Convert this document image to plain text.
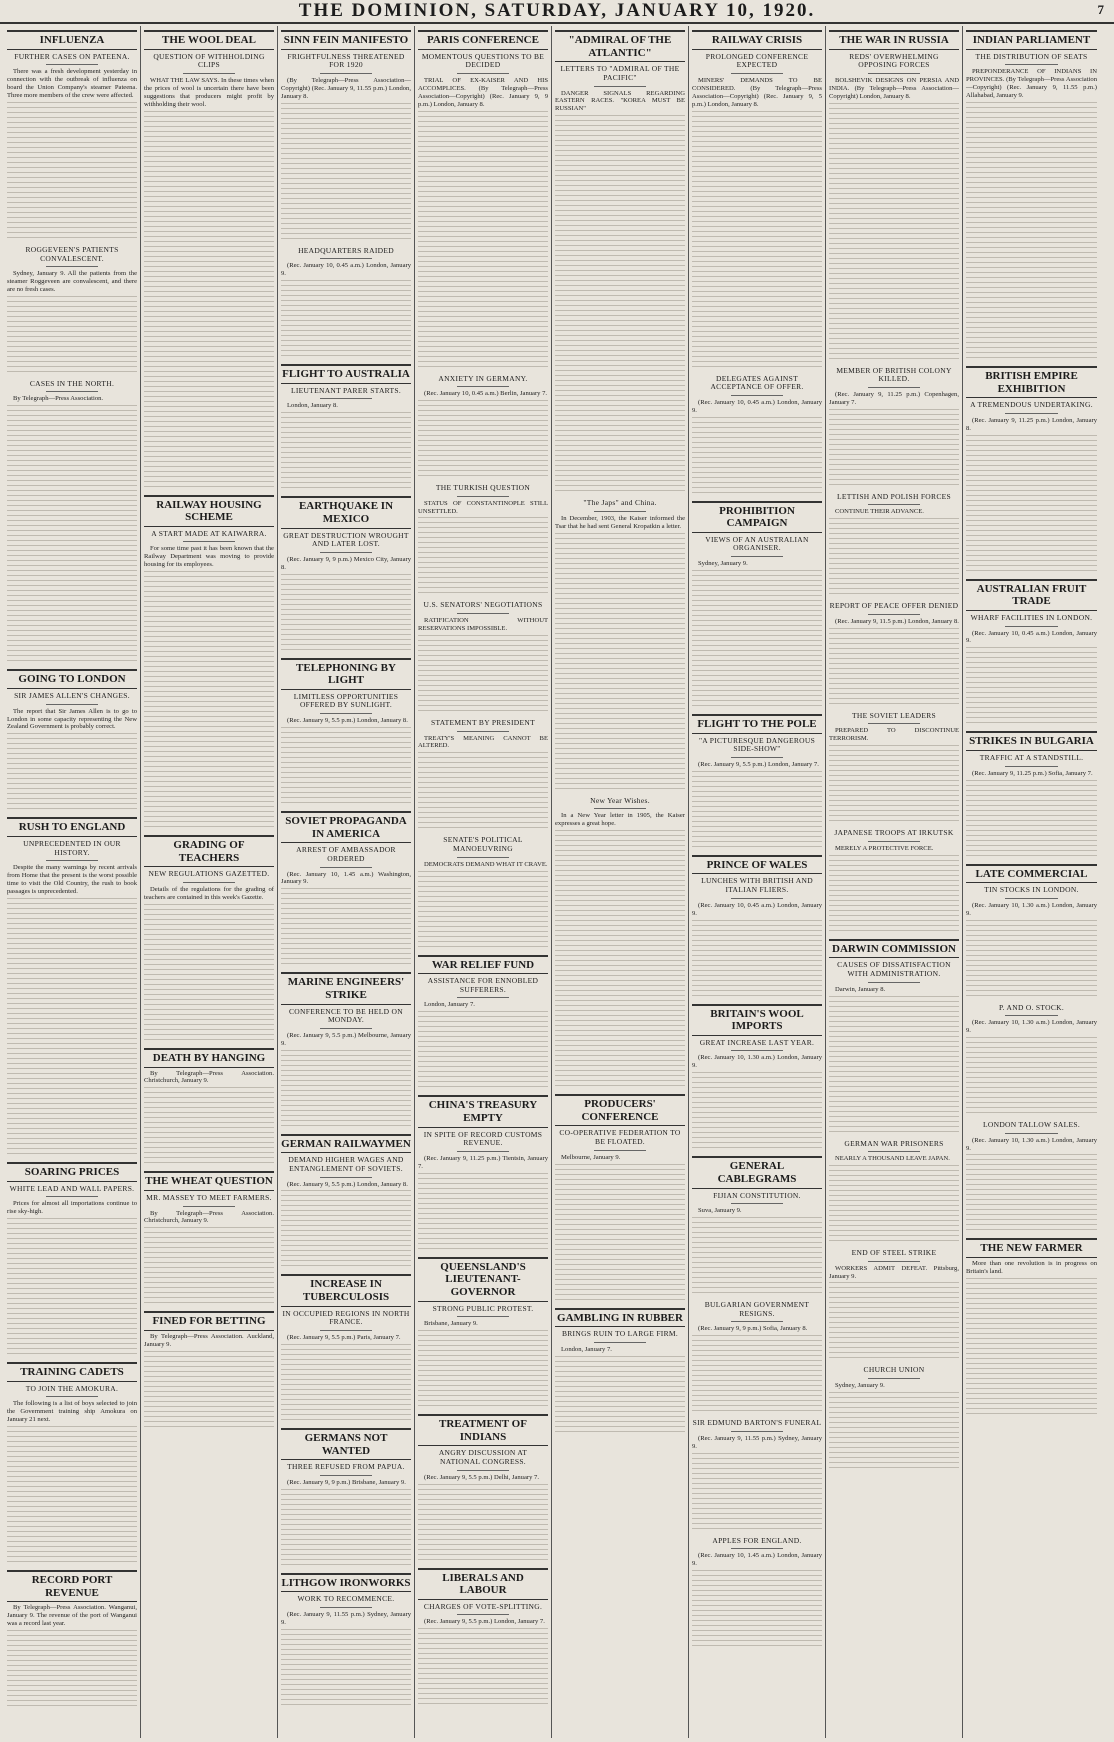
THE DOMINION, SATURDAY, JANUARY 10, 1920.	7
INFLUENZA
FURTHER CASES ON PATEENA.

There was a fresh development yesterday in connection with the outbreak of influenza on board the Union Company's steamer Pateena. Three more members of the crew were affected.

ROGGEVEEN'S PATIENTS CONVALESCENT.

Sydney, January 9. All the patients from the steamer Roggeveen are convalescent, and there are no fresh cases.

CASES IN THE NORTH.

By Telegraph—Press Association.

GOING TO LONDON
SIR JAMES ALLEN'S CHANGES.

The report that Sir James Allen is to go to London in some capacity representing the New Zealand Government is probably correct.

RUSH TO ENGLAND
UNPRECEDENTED IN OUR HISTORY.

Despite the many warnings by recent arrivals from Home that the present is the worst possible time to visit the Old Country, the rush to book passages is unprecedented.

SOARING PRICES
WHITE LEAD AND WALL PAPERS.

Prices for almost all importations continue to rise sky-high.

TRAINING CADETS
TO JOIN THE AMOKURA.

The following is a list of boys selected to join the Government training ship Amokura on January 21 next.

RECORD PORT REVENUE

By Telegraph—Press Association. Wanganui, January 9. The revenue of the port of Wanganui was a record last year.

THE WOOL DEAL
QUESTION OF WITHHOLDING CLIPS

WHAT THE LAW SAYS. In these times when the prices of wool is uncertain there have been suggestions that producers might profit by withholding their wool.

RAILWAY HOUSING SCHEME
A START MADE AT KAIWARRA.

For some time past it has been known that the Railway Department was moving to provide housing for its employees.

GRADING OF TEACHERS
NEW REGULATIONS GAZETTED.

Details of the regulations for the grading of teachers are contained in this week's Gazette.

DEATH BY HANGING

By Telegraph—Press Association. Christchurch, January 9.

THE WHEAT QUESTION
MR. MASSEY TO MEET FARMERS.

By Telegraph—Press Association. Christchurch, January 9.

FINED FOR BETTING

By Telegraph—Press Association. Auckland, January 9.

SINN FEIN MANIFESTO
FRIGHTFULNESS THREATENED FOR 1920

(By Telegraph—Press Association—Copyright) (Rec. January 9, 11.55 p.m.) London, January 8.

HEADQUARTERS RAIDED

(Rec. January 10, 0.45 a.m.) London, January 9.

FLIGHT TO AUSTRALIA
LIEUTENANT PARER STARTS.

London, January 8.

EARTHQUAKE IN MEXICO
GREAT DESTRUCTION WROUGHT AND LATER LOST.

(Rec. January 9, 9 p.m.) Mexico City, January 8.

TELEPHONING BY LIGHT
LIMITLESS OPPORTUNITIES OFFERED BY SUNLIGHT.

(Rec. January 9, 5.5 p.m.) London, January 8.

SOVIET PROPAGANDA IN AMERICA
ARREST OF AMBASSADOR ORDERED

(Rec. January 10, 1.45 a.m.) Washington, January 9.

MARINE ENGINEERS' STRIKE
CONFERENCE TO BE HELD ON MONDAY.

(Rec. January 9, 5.5 p.m.) Melbourne, January 9.

GERMAN RAILWAYMEN
DEMAND HIGHER WAGES AND ENTANGLEMENT OF SOVIETS.

(Rec. January 9, 5.5 p.m.) London, January 8.

INCREASE IN TUBERCULOSIS
IN OCCUPIED REGIONS IN NORTH FRANCE.

(Rec. January 9, 5.5 p.m.) Paris, January 7.

GERMANS NOT WANTED
THREE REFUSED FROM PAPUA.

(Rec. January 9, 9 p.m.) Brisbane, January 9.

LITHGOW IRONWORKS
WORK TO RECOMMENCE.

(Rec. January 9, 11.55 p.m.) Sydney, January 9.

PARIS CONFERENCE
MOMENTOUS QUESTIONS TO BE DECIDED

TRIAL OF EX-KAISER AND HIS ACCOMPLICES. (By Telegraph—Press Association—Copyright) (Rec. January 9, 9 p.m.) London, January 8.

ANXIETY IN GERMANY.

(Rec. January 10, 0.45 a.m.) Berlin, January 7.

THE TURKISH QUESTION

STATUS OF CONSTANTINOPLE STILL UNSETTLED.

U.S. SENATORS' NEGOTIATIONS

RATIFICATION WITHOUT RESERVATIONS IMPOSSIBLE.

STATEMENT BY PRESIDENT

TREATY'S MEANING CANNOT BE ALTERED.

SENATE'S POLITICAL MANOEUVRING

DEMOCRATS DEMAND WHAT IT CRAVE.

WAR RELIEF FUND
ASSISTANCE FOR ENNOBLED SUFFERERS.

London, January 7.

CHINA'S TREASURY EMPTY
IN SPITE OF RECORD CUSTOMS REVENUE.

(Rec. January 9, 11.25 p.m.) Tientsin, January 7.

QUEENSLAND'S LIEUTENANT-GOVERNOR
STRONG PUBLIC PROTEST.

Brisbane, January 9.

TREATMENT OF INDIANS
ANGRY DISCUSSION AT NATIONAL CONGRESS.

(Rec. January 9, 5.5 p.m.) Delhi, January 7.

LIBERALS AND LABOUR
CHARGES OF VOTE-SPLITTING.

(Rec. January 9, 5.5 p.m.) London, January 7.

"ADMIRAL OF THE ATLANTIC"
LETTERS TO "ADMIRAL OF THE PACIFIC"

DANGER SIGNALS REGARDING EASTERN RACES. "KOREA MUST BE RUSSIAN"

"The Japs" and China.

In December, 1903, the Kaiser informed the Tsar that he had sent General Kropatkin a letter.

New Year Wishes.

In a New Year letter in 1905, the Kaiser expresses a great hope.

PRODUCERS' CONFERENCE
CO-OPERATIVE FEDERATION TO BE FLOATED.

Melbourne, January 9.

GAMBLING IN RUBBER
BRINGS RUIN TO LARGE FIRM.

London, January 7.

RAILWAY CRISIS
PROLONGED CONFERENCE EXPECTED

MINERS' DEMANDS TO BE CONSIDERED. (By Telegraph—Press Association—Copyright) (Rec. January 9, 5 p.m.) London, January 8.

DELEGATES AGAINST ACCEPTANCE OF OFFER.

(Rec. January 10, 0.45 a.m.) London, January 9.

PROHIBITION CAMPAIGN
VIEWS OF AN AUSTRALIAN ORGANISER.

Sydney, January 9.

FLIGHT TO THE POLE
"A PICTURESQUE DANGEROUS SIDE-SHOW"

(Rec. January 9, 5.5 p.m.) London, January 7.

PRINCE OF WALES
LUNCHES WITH BRITISH AND ITALIAN FLIERS.

(Rec. January 10, 0.45 a.m.) London, January 9.

BRITAIN'S WOOL IMPORTS
GREAT INCREASE LAST YEAR.

(Rec. January 10, 1.30 a.m.) London, January 9.

GENERAL CABLEGRAMS
FIJIAN CONSTITUTION.

Suva, January 9.

BULGARIAN GOVERNMENT RESIGNS.

(Rec. January 9, 9 p.m.) Sofia, January 8.

SIR EDMUND BARTON'S FUNERAL

(Rec. January 9, 11.55 p.m.) Sydney, January 9.

APPLES FOR ENGLAND.

(Rec. January 10, 1.45 a.m.) London, January 9.

THE WAR IN RUSSIA
REDS' OVERWHELMING OPPOSING FORCES

BOLSHEVIK DESIGNS ON PERSIA AND INDIA. (By Telegraph—Press Association—Copyright) London, January 8.

MEMBER OF BRITISH COLONY KILLED.

(Rec. January 9, 11.25 p.m.) Copenhagen, January 7.

LETTISH AND POLISH FORCES

CONTINUE THEIR ADVANCE.

REPORT OF PEACE OFFER DENIED

(Rec. January 9, 11.5 p.m.) London, January 8.

THE SOVIET LEADERS

PREPARED TO DISCONTINUE TERRORISM.

JAPANESE TROOPS AT IRKUTSK

MERELY A PROTECTIVE FORCE.

DARWIN COMMISSION
CAUSES OF DISSATISFACTION WITH ADMINISTRATION.

Darwin, January 8.

GERMAN WAR PRISONERS

NEARLY A THOUSAND LEAVE JAPAN.

END OF STEEL STRIKE

WORKERS ADMIT DEFEAT. Pittsburg, January 9.

CHURCH UNION

Sydney, January 9.

INDIAN PARLIAMENT
THE DISTRIBUTION OF SEATS

PREPONDERANCE OF INDIANS IN PROVINCES. (By Telegraph—Press Association—Copyright) (Rec. January 9, 11.55 p.m.) Allahabad, January 9.

BRITISH EMPIRE EXHIBITION
A TREMENDOUS UNDERTAKING.

(Rec. January 9, 11.25 p.m.) London, January 8.

AUSTRALIAN FRUIT TRADE
WHARF FACILITIES IN LONDON.

(Rec. January 10, 0.45 a.m.) London, January 9.

STRIKES IN BULGARIA
TRAFFIC AT A STANDSTILL.

(Rec. January 9, 11.25 p.m.) Sofia, January 7.

LATE COMMERCIAL
TIN STOCKS IN LONDON.

(Rec. January 10, 1.30 a.m.) London, January 9.

P. AND O. STOCK.

(Rec. January 10, 1.30 a.m.) London, January 9.

LONDON TALLOW SALES.

(Rec. January 10, 1.30 a.m.) London, January 9.

THE NEW FARMER

More than one revolution is in progress on Britain's land.
